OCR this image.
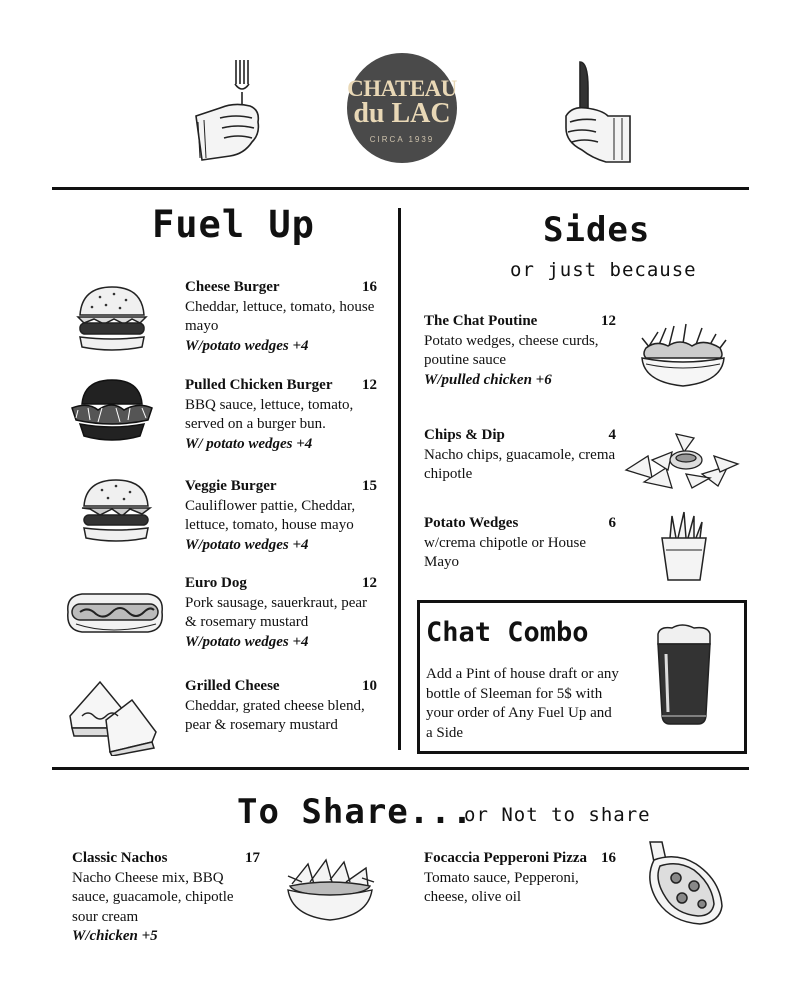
CHATEAU
du LAC
CIRCA 1939
Fuel Up
Cheese Burger	16
Cheddar, lettuce, tomato, house mayo
W/potato wedges +4
Pulled Chicken Burger 12
BBQ sauce, lettuce, tomato, served on a burger bun.
W/ potato wedges +4
Veggie Burger	15
Cauliflower pattie, Cheddar, lettuce, tomato, house mayo
W/potato wedges +4
Euro Dog	12
Pork sausage, sauerkraut, pear & rosemary mustard
W/potato wedges +4
Grilled Cheese	10
Cheddar, grated cheese blend, pear & rosemary mustard
Sides
or just because
The Chat Poutine	12
Potato wedges, cheese curds, poutine sauce
W/pulled chicken +6
Chips & Dip	4
Nacho chips, guacamole, crema chipotle
Potato Wedges	6
w/crema chipotle or House Mayo
Chat Combo
Add a Pint of house draft or any bottle of Sleeman for 5$ with your order of Any Fuel Up and a Side
To Share...
or Not to share
Classic Nachos	17
Nacho Cheese mix, BBQ sauce, guacamole, chipotle sour cream
W/chicken +5
Focaccia Pepperoni Pizza 16
Tomato sauce, Pepperoni, cheese, olive oil
